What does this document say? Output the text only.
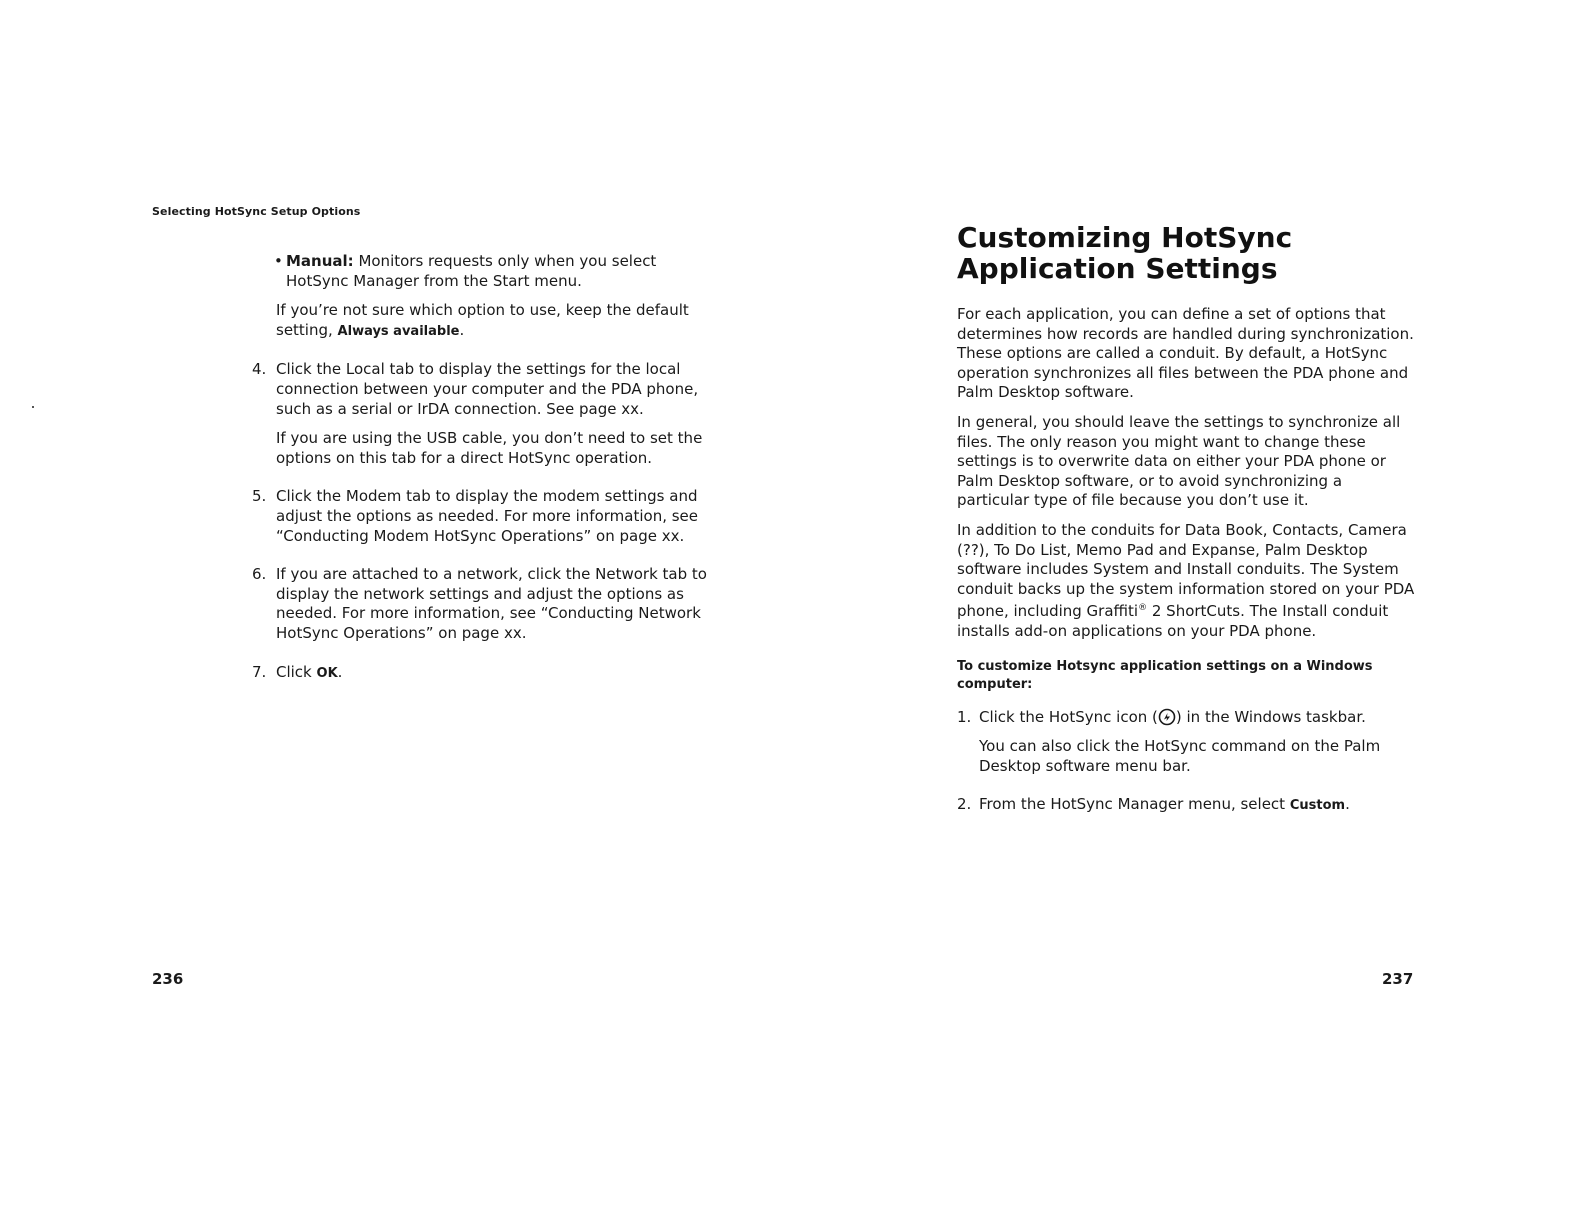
Selecting HotSync Setup Options
• Manual: Monitors requests only when you select HotSync Manager from the Start menu.

If you’re not sure which option to use, keep the default setting, Always available.

4. Click the Local tab to display the settings for the local connection between your computer and the PDA phone, such as a serial or IrDA connection. See page xx.

If you are using the USB cable, you don’t need to set the options on this tab for a direct HotSync operation.

5. Click the Modem tab to display the modem settings and adjust the options as needed. For more information, see “Conducting Modem HotSync Operations” on page xx.
6. If you are attached to a network, click the Network tab to display the network settings and adjust the options as needed. For more information, see “Conducting Network HotSync Operations” on page xx.
7. Click OK.
236
Customizing HotSync
Application Settings

For each application, you can define a set of options that determines how records are handled during synchronization. These options are called a conduit. By default, a HotSync operation synchronizes all files between the PDA phone and Palm Desktop software.

In general, you should leave the settings to synchronize all files. The only reason you might want to change these settings is to overwrite data on either your PDA phone or Palm Desktop software, or to avoid synchronizing a particular type of file because you don’t use it.

In addition to the conduits for Data Book, Contacts, Camera (??), To Do List, Memo Pad and Expanse, Palm Desktop software includes System and Install conduits. The System conduit backs up the system information stored on your PDA phone, including Graffiti® 2 ShortCuts. The Install conduit installs add-on applications on your PDA phone.

To customize Hotsync application settings on a Windows computer:
1. Click the HotSync icon ( ) in the Windows taskbar.

You can also click the HotSync command on the Palm Desktop software menu bar.

2. From the HotSync Manager menu, select Custom.
237
